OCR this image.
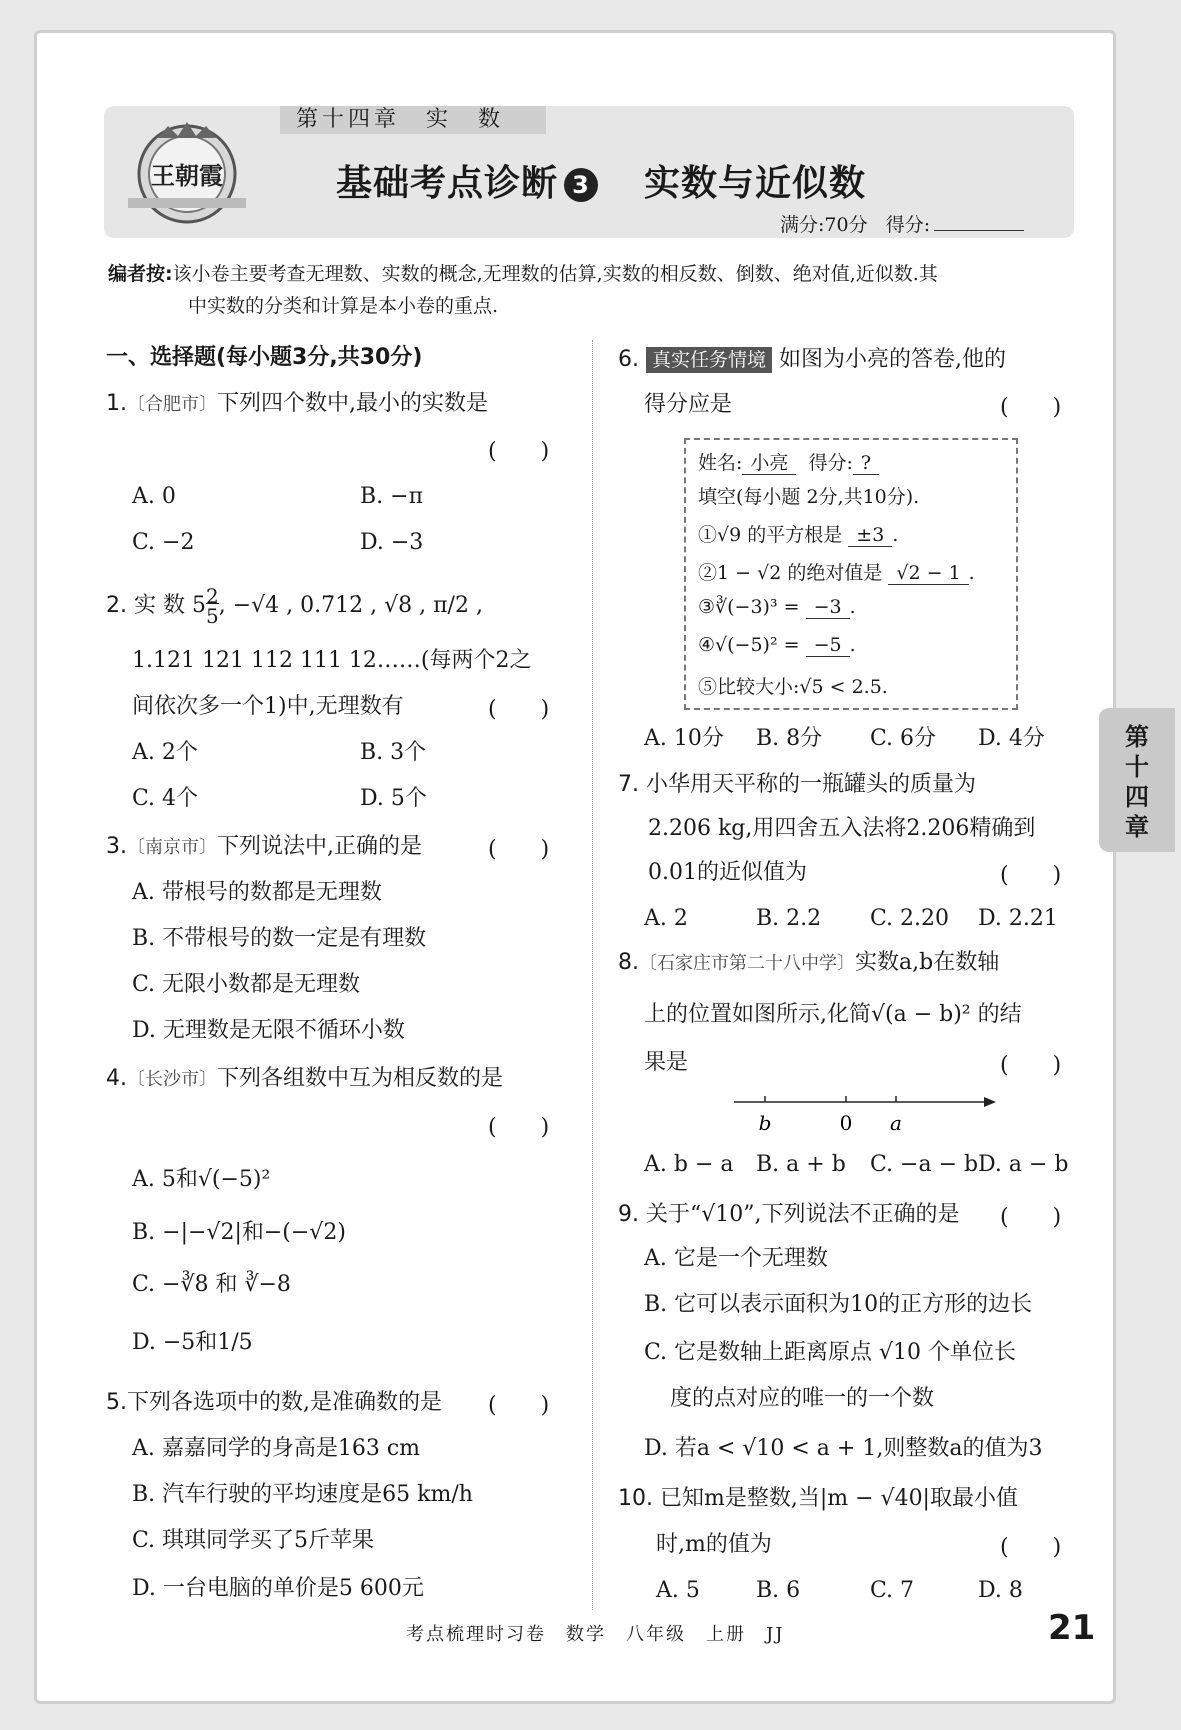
第十四章　实　数
王朝霞	基础考点诊断 3 实数与近似数
满分:70分 得分:
编者按:该小卷主要考查无理数、实数的概念,无理数的估算,实数的相反数、倒数、绝对值,近似数.其
中实数的分类和计算是本小卷的重点.
一、选择题(每小题3分,共30分)
1.〔合肥市〕下列四个数中,最小的实数是
(　　)
A. 0	B. −π
C. −2	D. −3
2. 实 数 $5\frac{2}{5}$, −√4 , 0.7̇12̇ , √8 , π/2 ,
1.121 121 112 111 12……(每两个2之
间依次多一个1)中,无理数有	(　　)
A. 2个	B. 3个
C. 4个	D. 5个
3.〔南京市〕下列说法中,正确的是	(　　)
A. 带根号的数都是无理数
B. 不带根号的数一定是有理数
C. 无限小数都是无理数
D. 无理数是无限不循环小数
4.〔长沙市〕下列各组数中互为相反数的是
(　　)
A. 5和√(−5)²
B. −|−√2|和−(−√2)
C. −∛8 和 ∛−8
D. −5和1/5
5.下列各选项中的数,是准确数的是 (　　)
A. 嘉嘉同学的身高是163 cm
B. 汽车行驶的平均速度是65 km/h
C. 琪琪同学买了5斤苹果
D. 一台电脑的单价是5 600元
6. 真实任务情境 如图为小亮的答卷,他的
得分应是	(　　)
姓名: 小亮 得分: ?
填空(每小题 2分,共10分).
①√9 的平方根是 ±3 .
②1 − √2 的绝对值是 √2 − 1 .
③∛(−3)³ = −3 .
④√(−5)² = −5 .
⑤比较大小:√5 < 2.5.
A. 10分 B. 8分 C. 6分 D. 4分
7. 小华用天平称的一瓶罐头的质量为
2.206 kg,用四舍五入法将2.206精确到
0.01的近似值为	(　　)
A. 2	B. 2.2 C. 2.20 D. 2.21
8.〔石家庄市第二十八中学〕实数a,b在数轴
上的位置如图所示,化简√(a − b)² 的结
果是	(　　)
b	0 a
A. b − a B. a + b C. −a − b D. a − b
9. 关于“√10”,下列说法不正确的是 (　　)
A. 它是一个无理数
B. 它可以表示面积为10的正方形的边长
C. 它是数轴上距离原点 √10 个单位长
度的点对应的唯一的一个数
D. 若a < √10 < a + 1,则整数a的值为3
10. 已知m是整数,当|m − √40|取最小值
时,m的值为	(　　)
A. 5	B. 6	C. 7	D. 8
第
十
四
章
考点梳理时习卷　数学　八年级　上册　JJ	21
